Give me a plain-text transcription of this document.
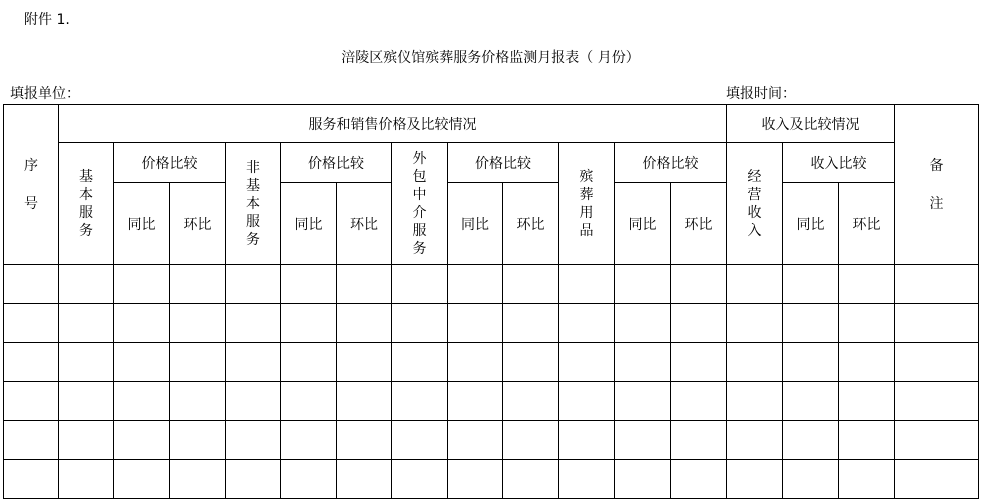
附件 1.
涪陵区殡仪馆殡葬服务价格监测月报表（ 月份）
填报单位：	填报时间：
序号	服务和销售价格及比较情况												收入及比较情况			备注
	基本服务	价格比较		非基本服务	价格比较		外包中介服务	价格比较		殡葬用品	价格比较		经营收入	收入比较		
		同比	环比		同比	环比		同比	环比		同比	环比		同比	环比	
